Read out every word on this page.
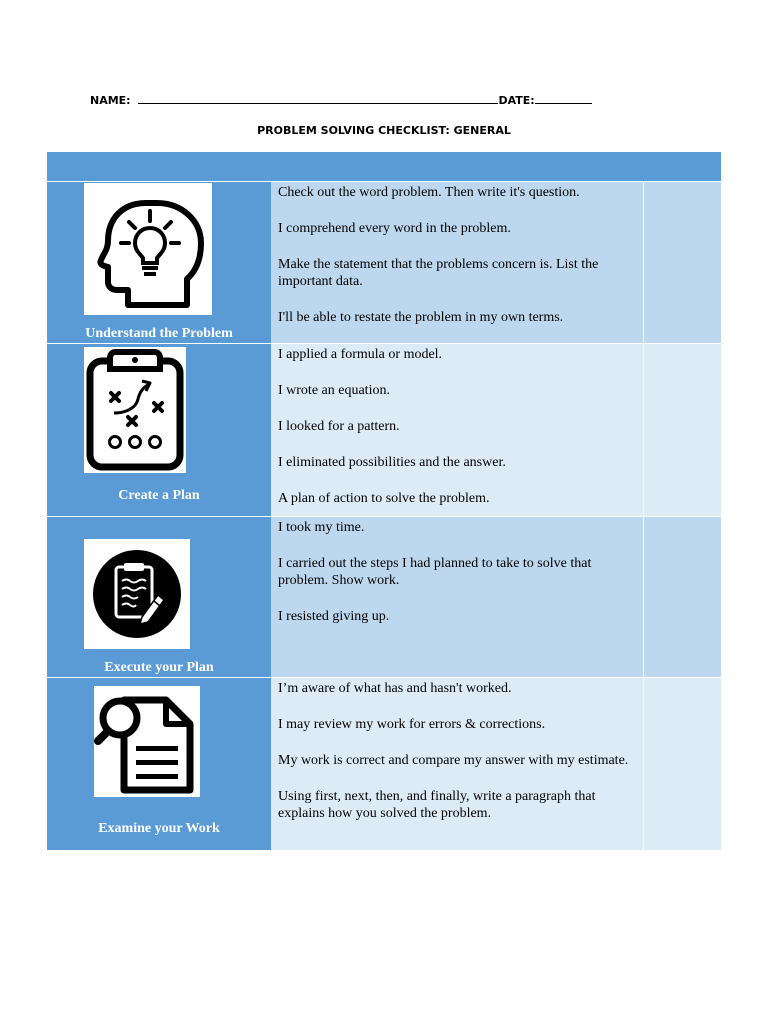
NAME:	DATE:
PROBLEM SOLVING CHECKLIST: GENERAL
Understand the Problem

Check out the word problem. Then write it's question.

I comprehend every word in the problem.

Make the statement that the problems concern is. List the important data.

I'll be able to restate the problem in my own terms.

Create a Plan

I applied a formula or model.

I wrote an equation.

I looked for a pattern.

I eliminated possibilities and the answer.

A plan of action to solve the problem.

Execute your Plan

I took my time.

I carried out the steps I had planned to take to solve that problem. Show work.

I resisted giving up.

Examine your Work

I’m aware of what has and hasn't worked.

I may review my work for errors & corrections.

My work is correct and compare my answer with my estimate.

Using first, next, then, and finally, write a paragraph that explains how you solved the problem.
